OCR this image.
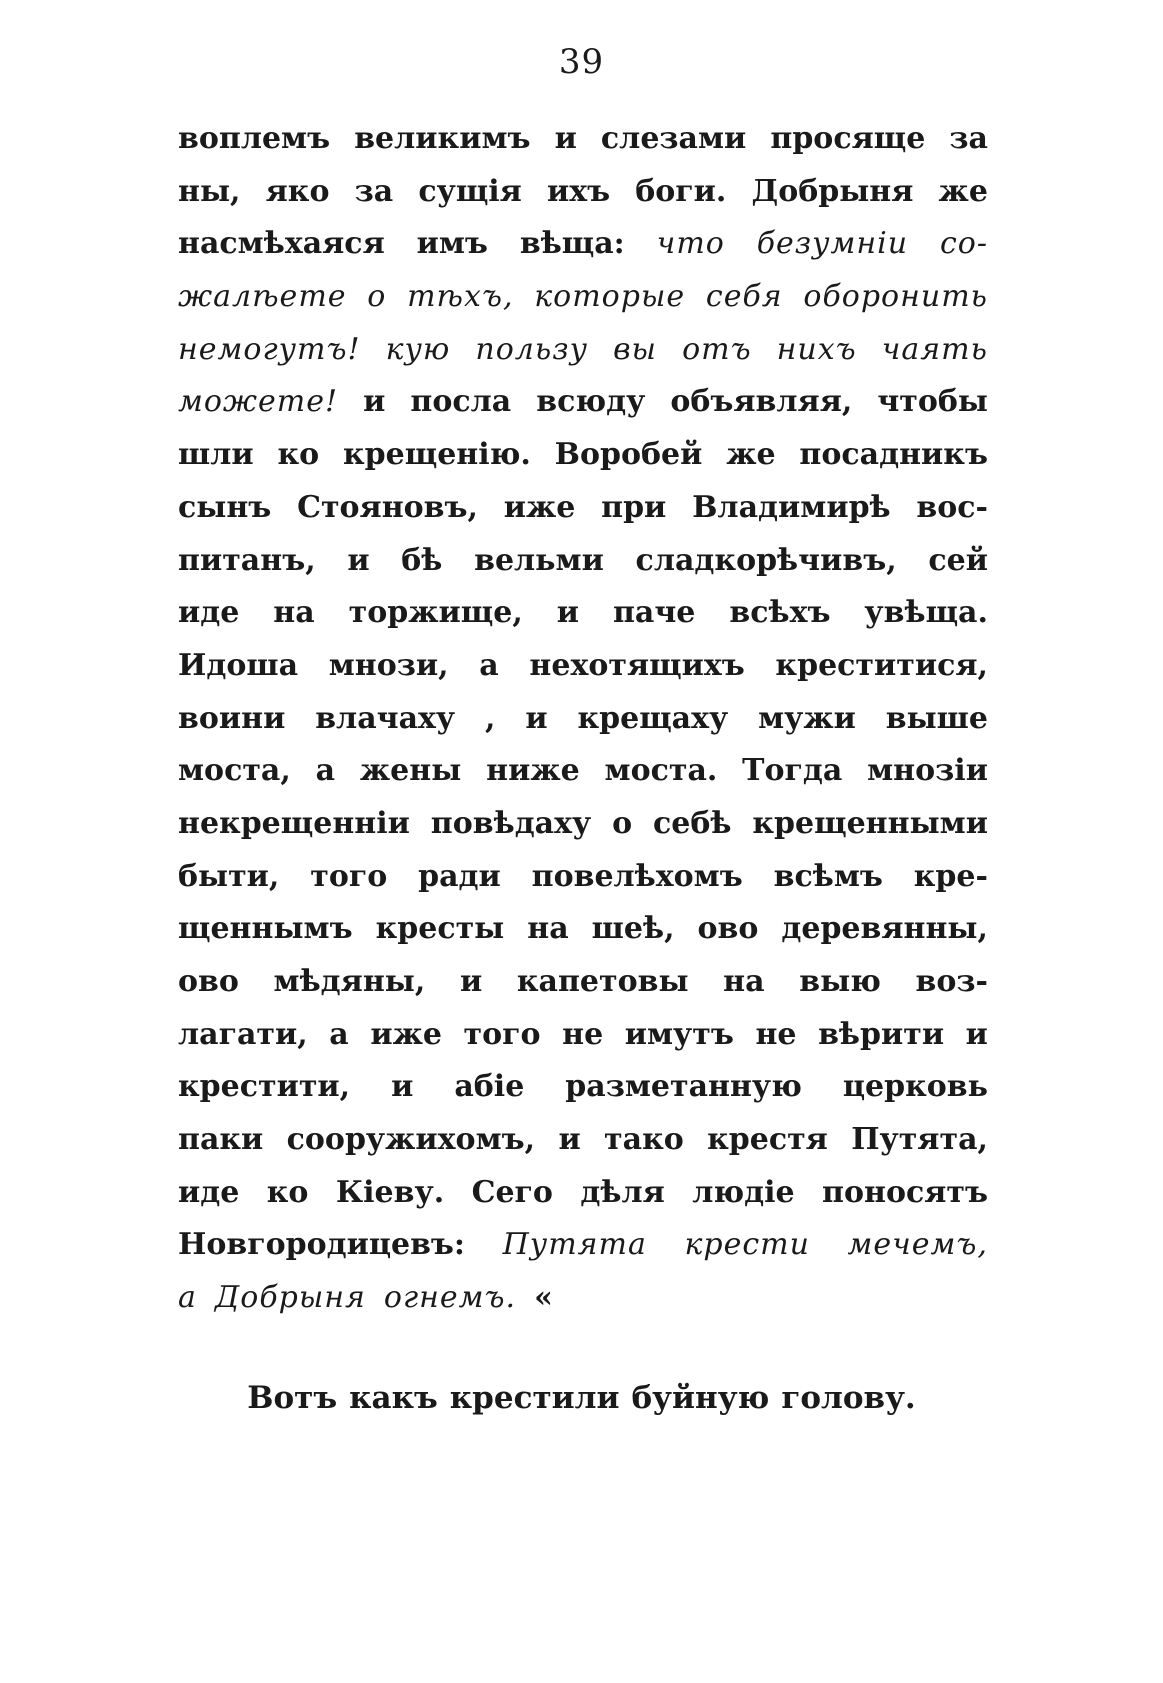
39
воплемъ великимъ и слезами просяще за
ны, яко за сущія ихъ боги. Добрыня же
насмѣхаяся имъ вѣща: что безумніи со-
жалѣете о тѣхъ, которые себя оборонить
немогутъ! кую пользу вы отъ нихъ чаять
можете! и посла всюду объявляя, чтобы
шли ко крещенію. Воробей же посадникъ
сынъ Стояновъ, иже при Владимирѣ вос-
питанъ, и бѣ вельми сладкорѣчивъ, сей
иде на торжище, и паче всѣхъ увѣща.
Идоша мнози, а нехотящихъ креститися,
воини влачаху , и крещаху мужи выше
моста, а жены ниже моста. Тогда мнозіи
некрещенніи повѣдаху о себѣ крещенными
быти, того ради повелѣхомъ всѣмъ кре-
щеннымъ кресты на шеѣ, ово деревянны,
ово мѣдяны, и капетовы на выю воз-
лагати, а иже того не имутъ не вѣрити и
крестити, и абіе разметанную церковь
паки сооружихомъ, и тако крестя Путята,
иде ко Кіеву. Сего дѣля людіе поносятъ
Новгородицевъ: Путята крести мечемъ,
а Добрыня огнемъ. «
Вотъ какъ крестили буйную голову.
